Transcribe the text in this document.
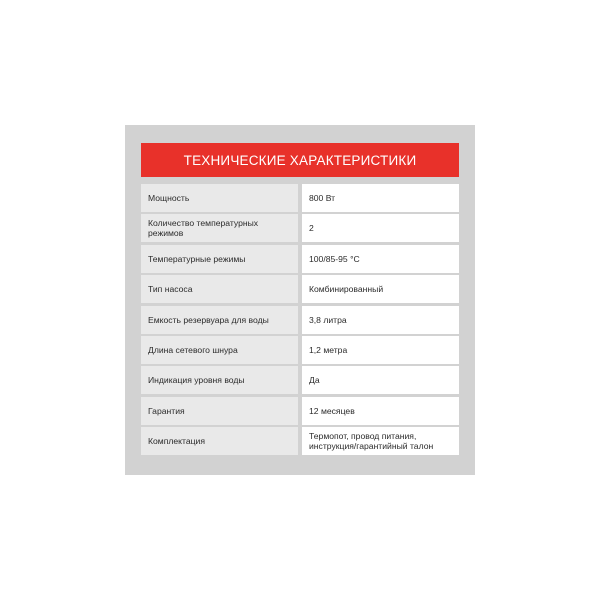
ТЕХНИЧЕСКИЕ ХАРАКТЕРИСТИКИ
Мощность	800 Вт
Количество температурных режимов	2
Температурные режимы	100/85-95 °C
Тип насоса	Комбинированный
Емкость резервуара для воды	3,8 литра
Длина сетевого шнура	1,2 метра
Индикация уровня воды	Да
Гарантия	12 месяцев
Комплектация	Термопот, провод питания, инструкция/гарантийный талон
